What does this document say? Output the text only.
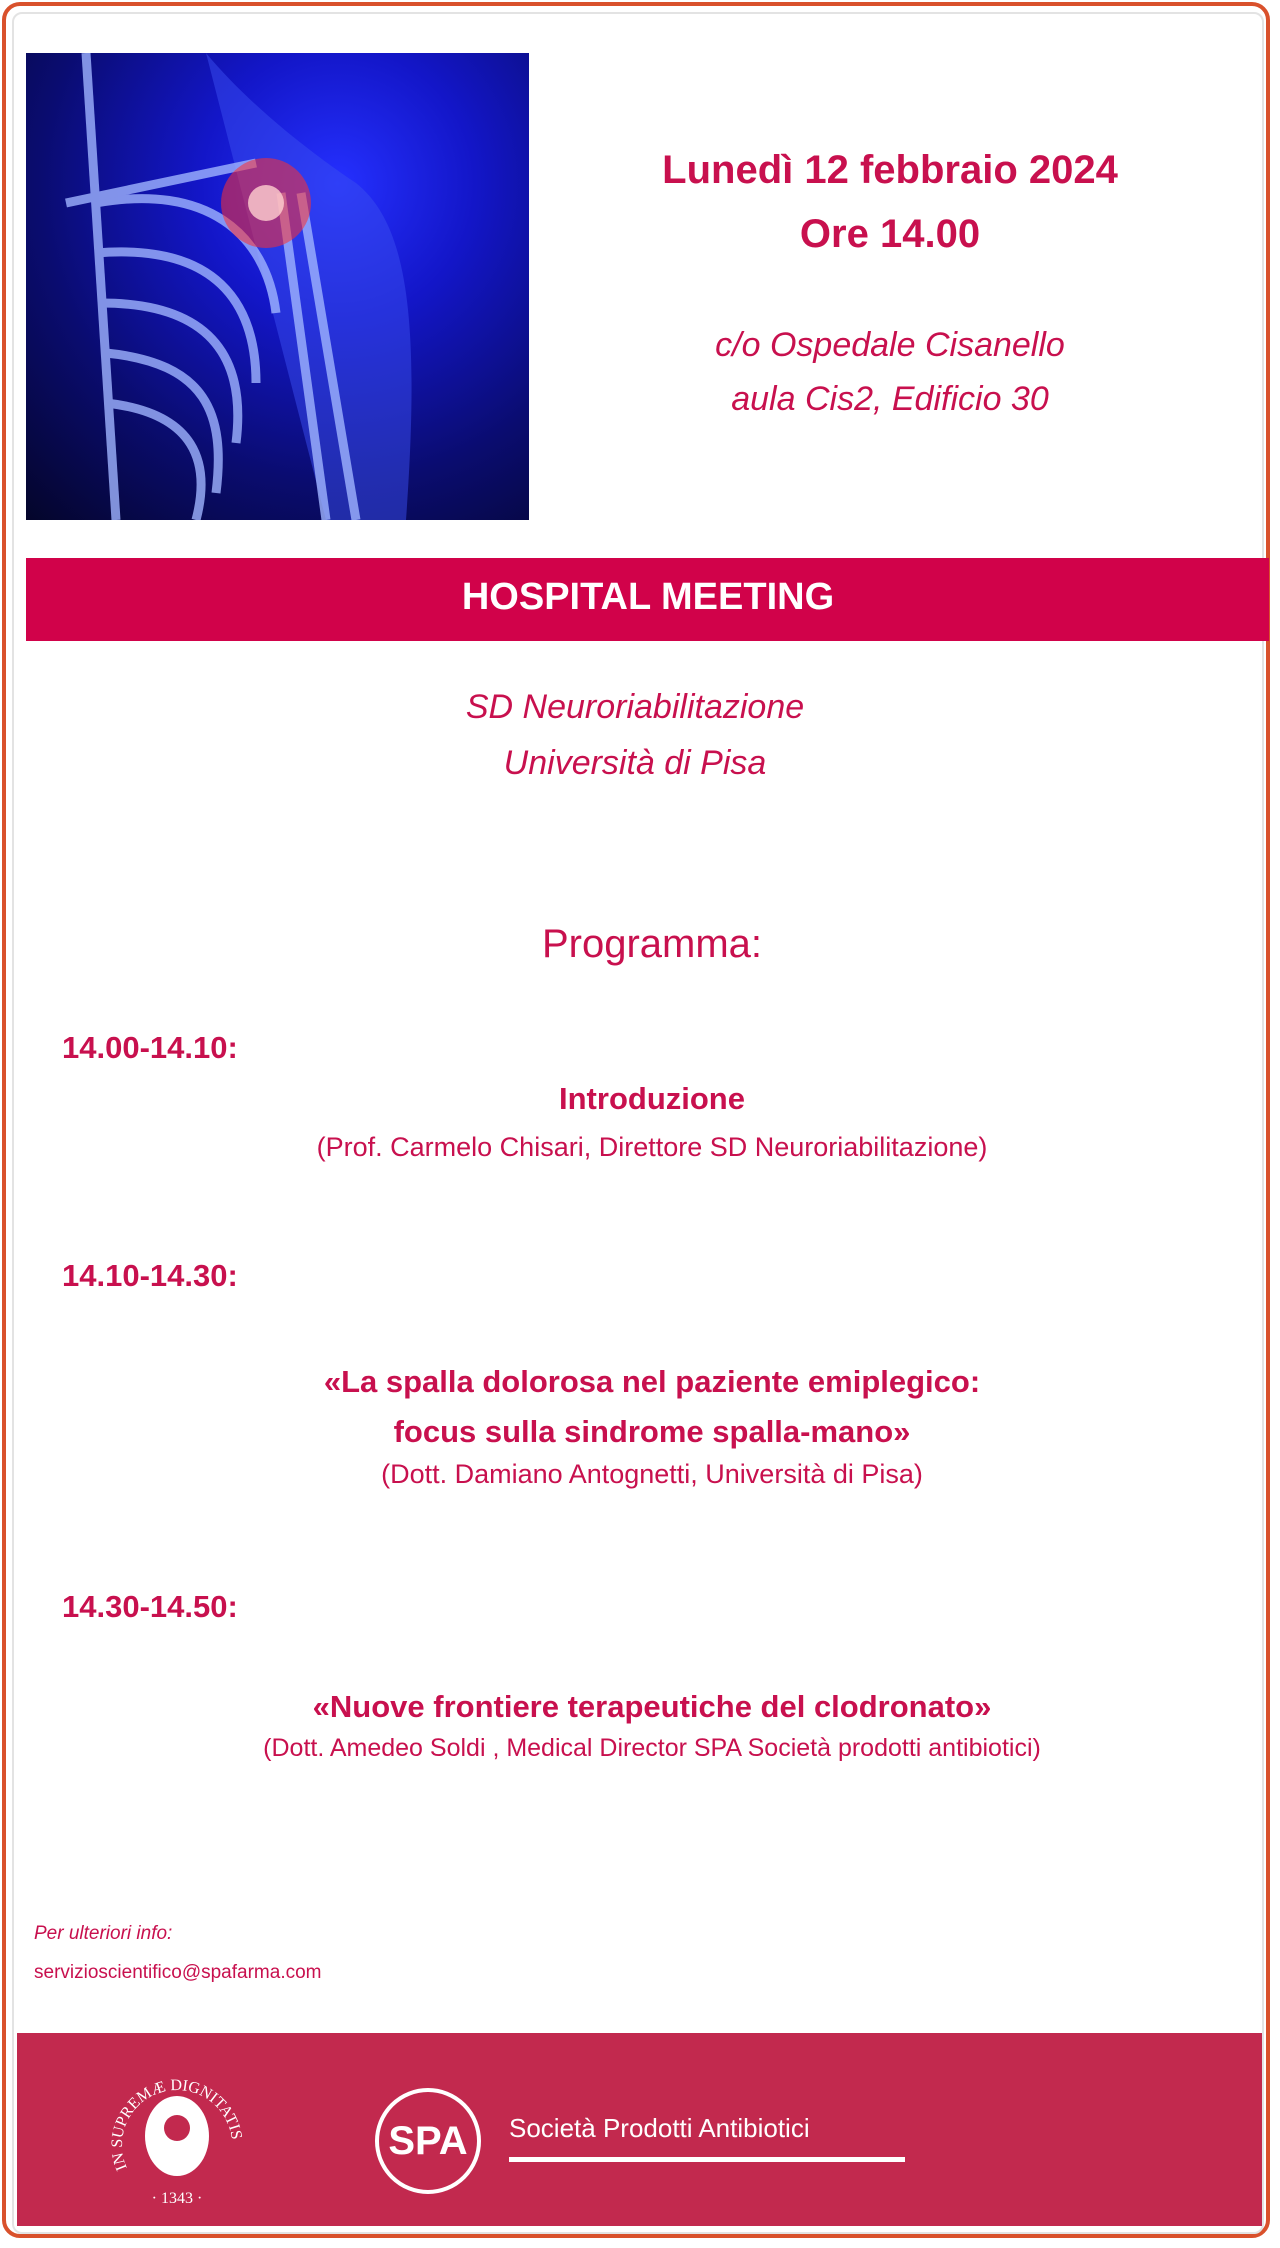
Lunedì 12 febbraio 2024
Ore 14.00
c/o Ospedale Cisanello
aula Cis2, Edificio 30
HOSPITAL MEETING
SD Neuroriabilitazione
Università di Pisa
Programma:
14.00-14.10:
Introduzione
(Prof. Carmelo Chisari, Direttore SD Neuroriabilitazione)
14.10-14.30:
«La spalla dolorosa nel paziente emiplegico:
focus sulla sindrome spalla-mano»
(Dott. Damiano Antognetti, Università di Pisa)
14.30-14.50:
«Nuove frontiere terapeutiche del clodronato»
(Dott. Amedeo Soldi , Medical Director SPA Società prodotti antibiotici)
Per ulteriori info:
servizioscientifico@spafarma.com
IN SUPREMÆ DIGNITATIS
· 1343 ·
SPA	Società Prodotti Antibiotici
